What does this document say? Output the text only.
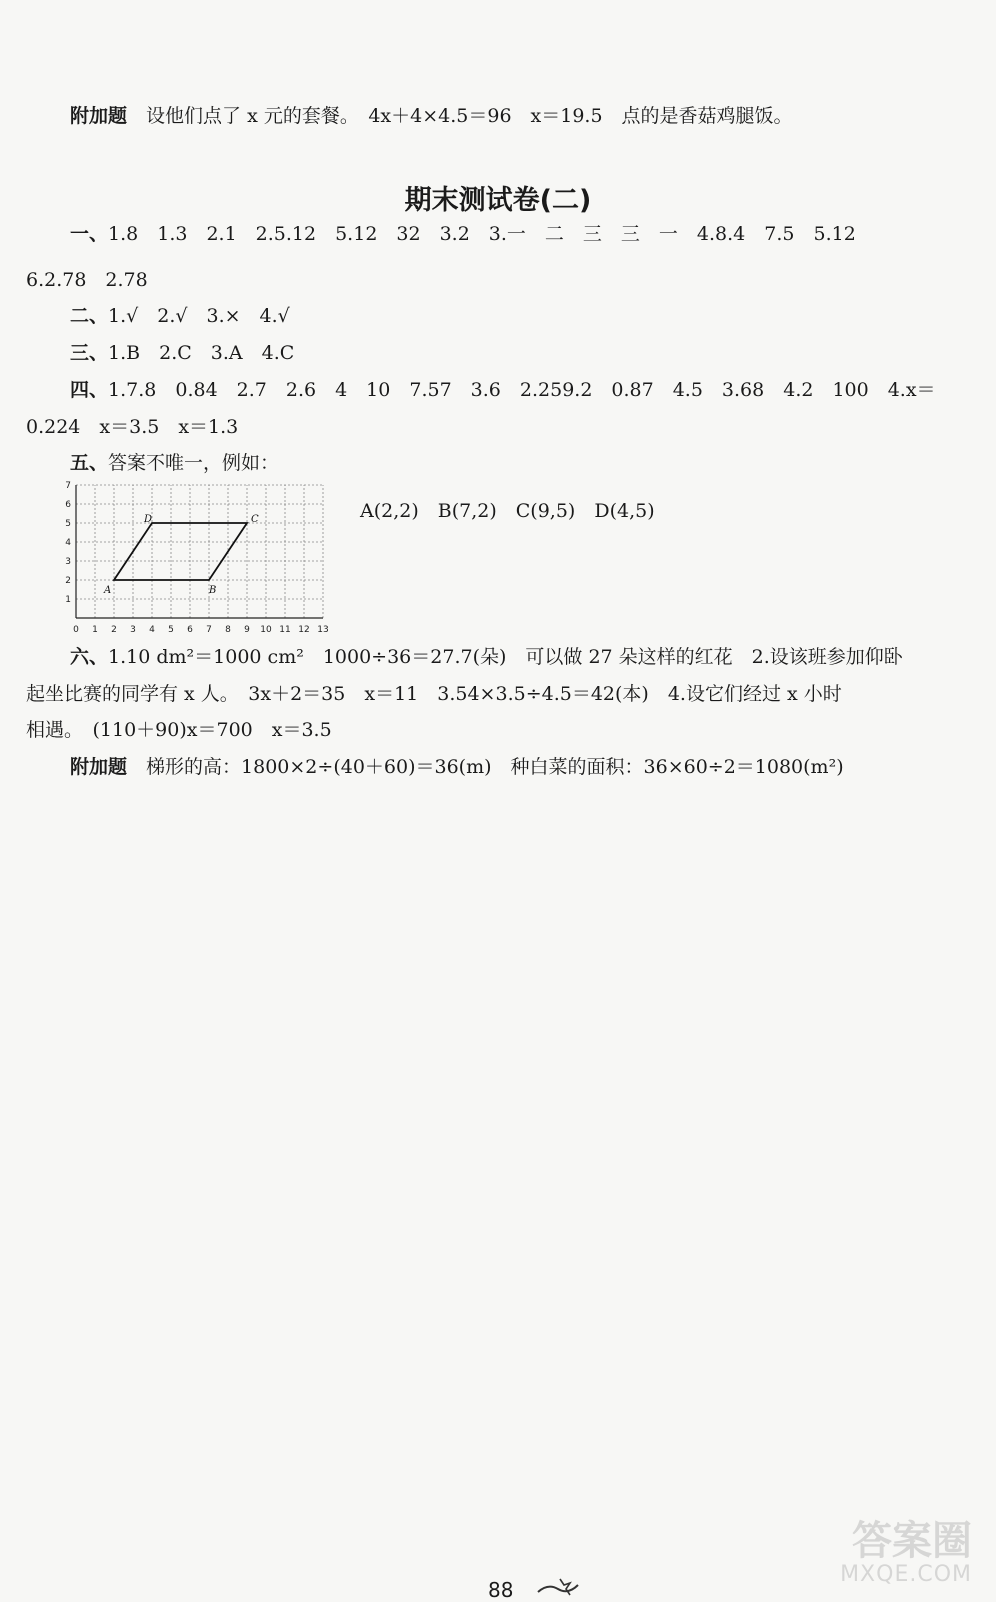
附加题　 设他们点了 x 元的套餐。　4x＋4×4.5＝96　x＝19.5　点的是香菇鸡腿饭。
期末测试卷(二)
一、1.8　1.3　2.1　2.5.12　5.12　32　3.2　3.一　二　三　三　一　4.8.4　7.5　5.12
6.2.78　2.78
二、1.√　2.√　3.×　4.√
三、1.B　2.C　3.A　4.C
四、1.7.8　0.84　2.7　2.6　4　10　7.57　3.6　2.259.2　0.87　4.5　3.68　4.2　100　4.x＝
0.224　x＝3.5　x＝1.3
五、答案不唯一，例如：
0 1 2 3 4 5 6 7 8 9 10 11 12 13
1
2
3
4
5
6
7
A	B
C
D	A(2,2)　B(7,2)　C(9,5)　D(4,5)
六、1.10 dm²＝1000 cm²　1000÷36＝27.7(朵)　可以做 27 朵这样的红花　2.设该班参加仰卧
起坐比赛的同学有 x 人。　3x＋2＝35　x＝11　3.54×3.5÷4.5＝42(本)　4.设它们经过 x 小时
相遇。　(110＋90)x＝700　x＝3.5
附加题　 梯形的高：1800×2÷(40＋60)＝36(m)　种白菜的面积：36×60÷2＝1080(m²)
88
答案圈
MXQE.COM
